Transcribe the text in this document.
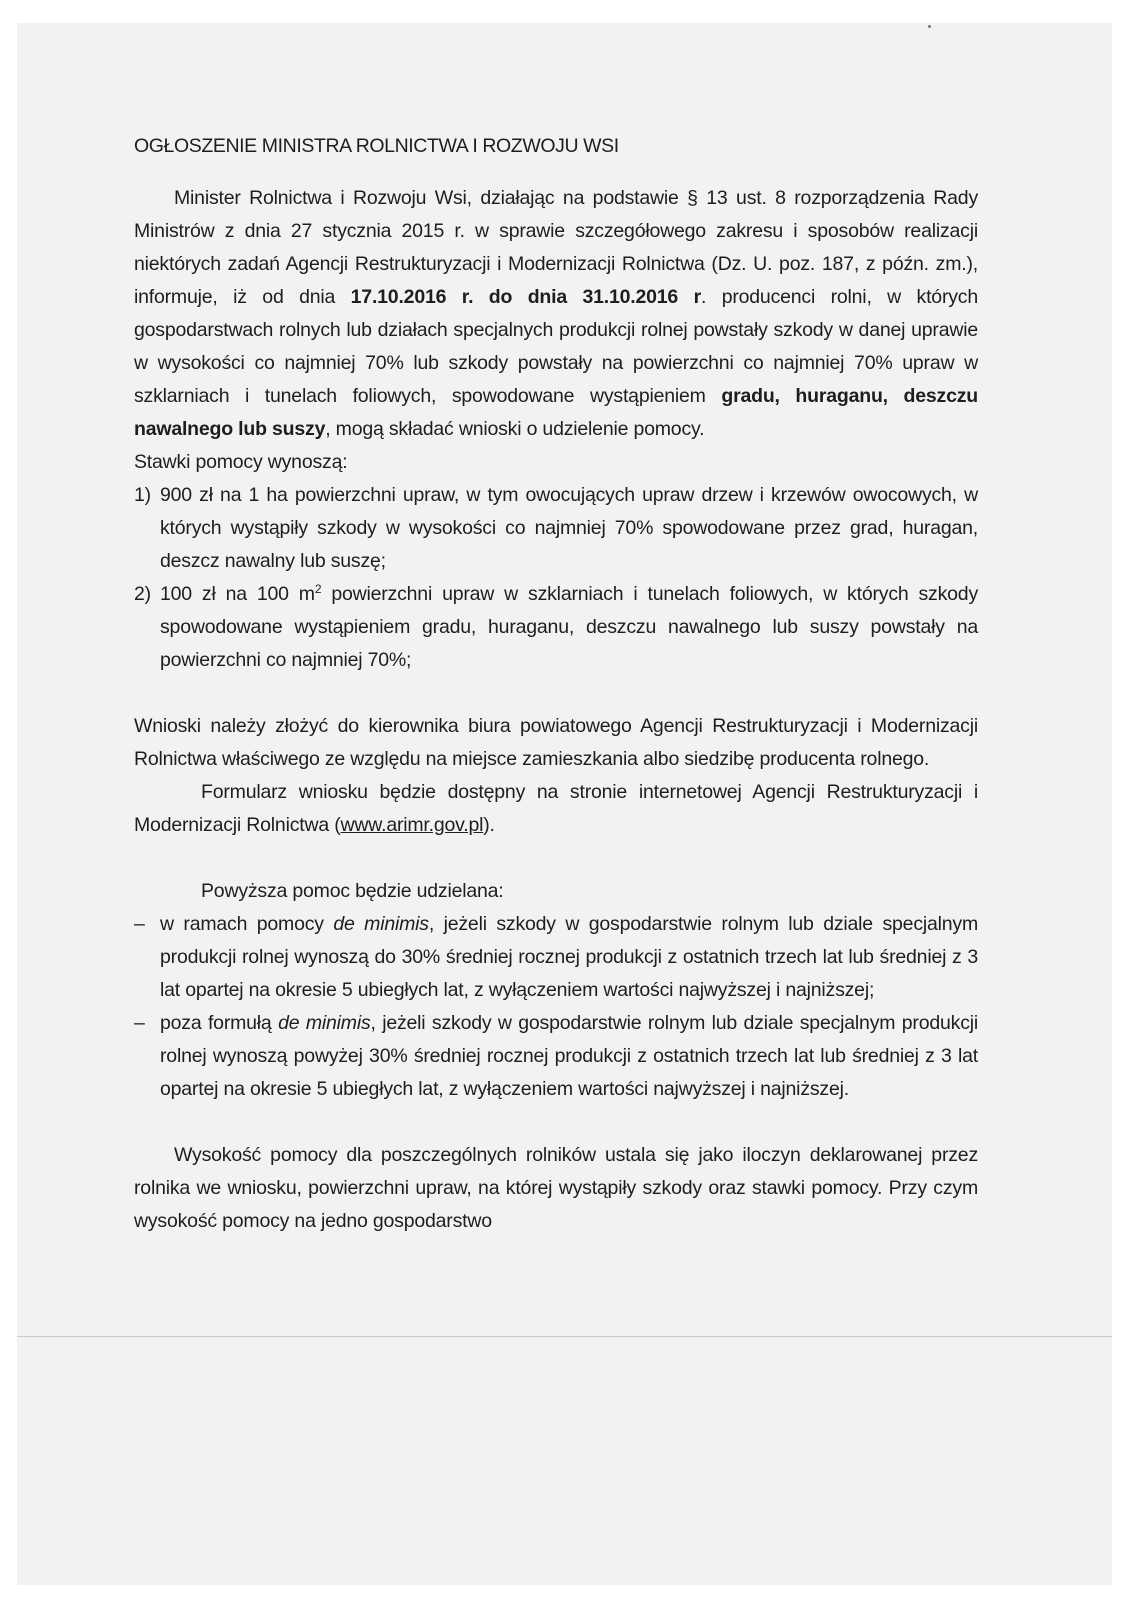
OGŁOSZENIE MINISTRA ROLNICTWA I ROZWOJU WSI

Minister Rolnictwa i Rozwoju Wsi, działając na podstawie § 13 ust. 8 rozporządzenia Rady Ministrów z dnia 27 stycznia 2015 r. w sprawie szczegółowego zakresu i sposobów realizacji niektórych zadań Agencji Restrukturyzacji i Modernizacji Rolnictwa (Dz. U. poz. 187, z późn. zm.), informuje, iż od dnia 17.10.2016 r. do dnia 31.10.2016 r. producenci rolni, w których gospodarstwach rolnych lub działach specjalnych produkcji rolnej powstały szkody w danej uprawie w wysokości co najmniej 70% lub szkody powstały na powierzchni co najmniej 70% upraw w szklarniach i tunelach foliowych, spowodowane wystąpieniem gradu, huraganu, deszczu nawalnego lub suszy, mogą składać wnioski o udzielenie pomocy.

Stawki pomocy wynoszą:

1) 900 zł na 1 ha powierzchni upraw, w tym owocujących upraw drzew i krzewów owocowych, w których wystąpiły szkody w wysokości co najmniej 70% spowodowane przez grad, huragan, deszcz nawalny lub suszę;
2) 100 zł na 100 $m^2$ powierzchni upraw w szklarniach i tunelach foliowych, w których szkody spowodowane wystąpieniem gradu, huraganu, deszczu nawalnego lub suszy powstały na powierzchni co najmniej 70%;

Wnioski należy złożyć do kierownika biura powiatowego Agencji Restrukturyzacji i Modernizacji Rolnictwa właściwego ze względu na miejsce zamieszkania albo siedzibę producenta rolnego.

Formularz wniosku będzie dostępny na stronie internetowej Agencji Restrukturyzacji i Modernizacji Rolnictwa (www.arimr.gov.pl).

Powyższa pomoc będzie udzielana:

– w ramach pomocy de minimis, jeżeli szkody w gospodarstwie rolnym lub dziale specjalnym produkcji rolnej wynoszą do 30% średniej rocznej produkcji z ostatnich trzech lat lub średniej z 3 lat opartej na okresie 5 ubiegłych lat, z wyłączeniem wartości najwyższej i najniższej;
– poza formułą de minimis, jeżeli szkody w gospodarstwie rolnym lub dziale specjalnym produkcji rolnej wynoszą powyżej 30% średniej rocznej produkcji z ostatnich trzech lat lub średniej z 3 lat opartej na okresie 5 ubiegłych lat, z wyłączeniem wartości najwyższej i najniższej.

Wysokość pomocy dla poszczególnych rolników ustala się jako iloczyn deklarowanej przez rolnika we wniosku, powierzchni upraw, na której wystąpiły szkody oraz stawki pomocy. Przy czym wysokość pomocy na jedno gospodarstwo
